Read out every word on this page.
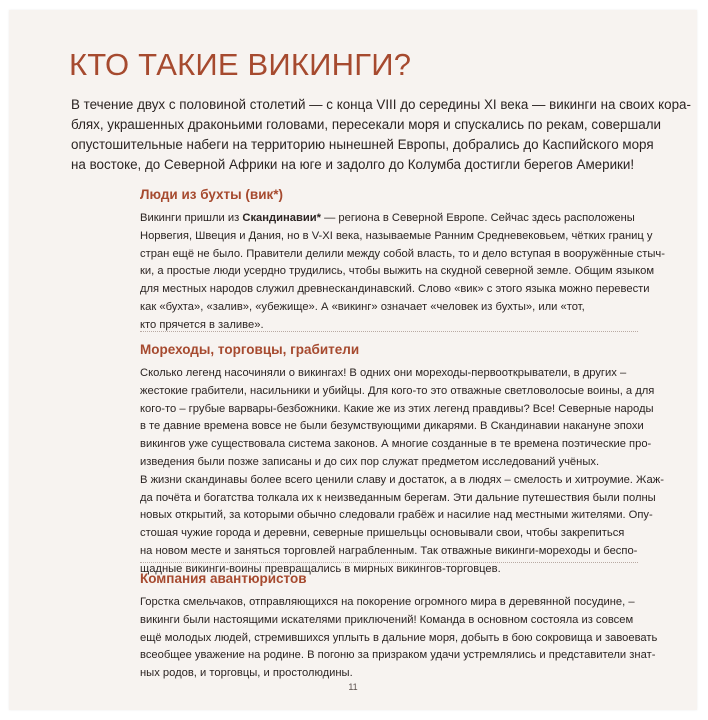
КТО ТАКИЕ ВИКИНГИ?
В течение двух с половиной столетий — с конца VIII до середины XI века — викинги на своих кора-
блях, украшенных драконьими головами, пересекали моря и спускались по рекам, совершали
опустошительные набеги на территорию нынешней Европы, добрались до Каспийского моря
на востоке, до Северной Африки на юге и задолго до Колумба достигли берегов Америки!
Люди из бухты (вик*)
Викинги пришли из Скандинавии* — региона в Северной Европе. Сейчас здесь расположены
Норвегия, Швеция и Дания, но в V-XI века, называемые Ранним Средневековьем, чётких границ у
стран ещё не было. Правители делили между собой власть, то и дело вступая в вооружённые стыч-
ки, а простые люди усердно трудились, чтобы выжить на скудной северной земле. Общим языком
для местных народов служил древнескандинавский. Слово «вик» с этого языка можно перевести
как «бухта», «залив», «убежище». А «викинг» означает «человек из бухты», или «тот,
кто прячется в заливе».
Мореходы, торговцы, грабители
Сколько легенд насочиняли о викингах! В одних они мореходы-первооткрыватели, в других –
жестокие грабители, насильники и убийцы. Для кого-то это отважные светловолосые воины, а для
кого-то – грубые варвары-безбожники. Какие же из этих легенд правдивы? Все! Северные народы
в те давние времена вовсе не были безумствующими дикарями. В Скандинавии накануне эпохи
викингов уже существовала система законов. А многие созданные в те времена поэтические про-
изведения были позже записаны и до сих пор служат предметом исследований учёных.
В жизни скандинавы более всего ценили славу и достаток, а в людях – смелость и хитроумие. Жаж-
да почёта и богатства толкала их к неизведанным берегам. Эти дальние путешествия были полны
новых открытий, за которыми обычно следовали грабёж и насилие над местными жителями. Опу-
стошая чужие города и деревни, северные пришельцы основывали свои, чтобы закрепиться
на новом месте и заняться торговлей награбленным. Так отважные викинги-мореходы и беспо-
щадные викинги-воины превращались в мирных викингов-торговцев.
Компания авантюристов
Горстка смельчаков, отправляющихся на покорение огромного мира в деревянной посудине, –
викинги были настоящими искателями приключений! Команда в основном состояла из совсем
ещё молодых людей, стремившихся уплыть в дальние моря, добыть в бою сокровища и завоевать
всеобщее уважение на родине. В погоню за призраком удачи устремлялись и представители знат-
ных родов, и торговцы, и простолюдины.
11
